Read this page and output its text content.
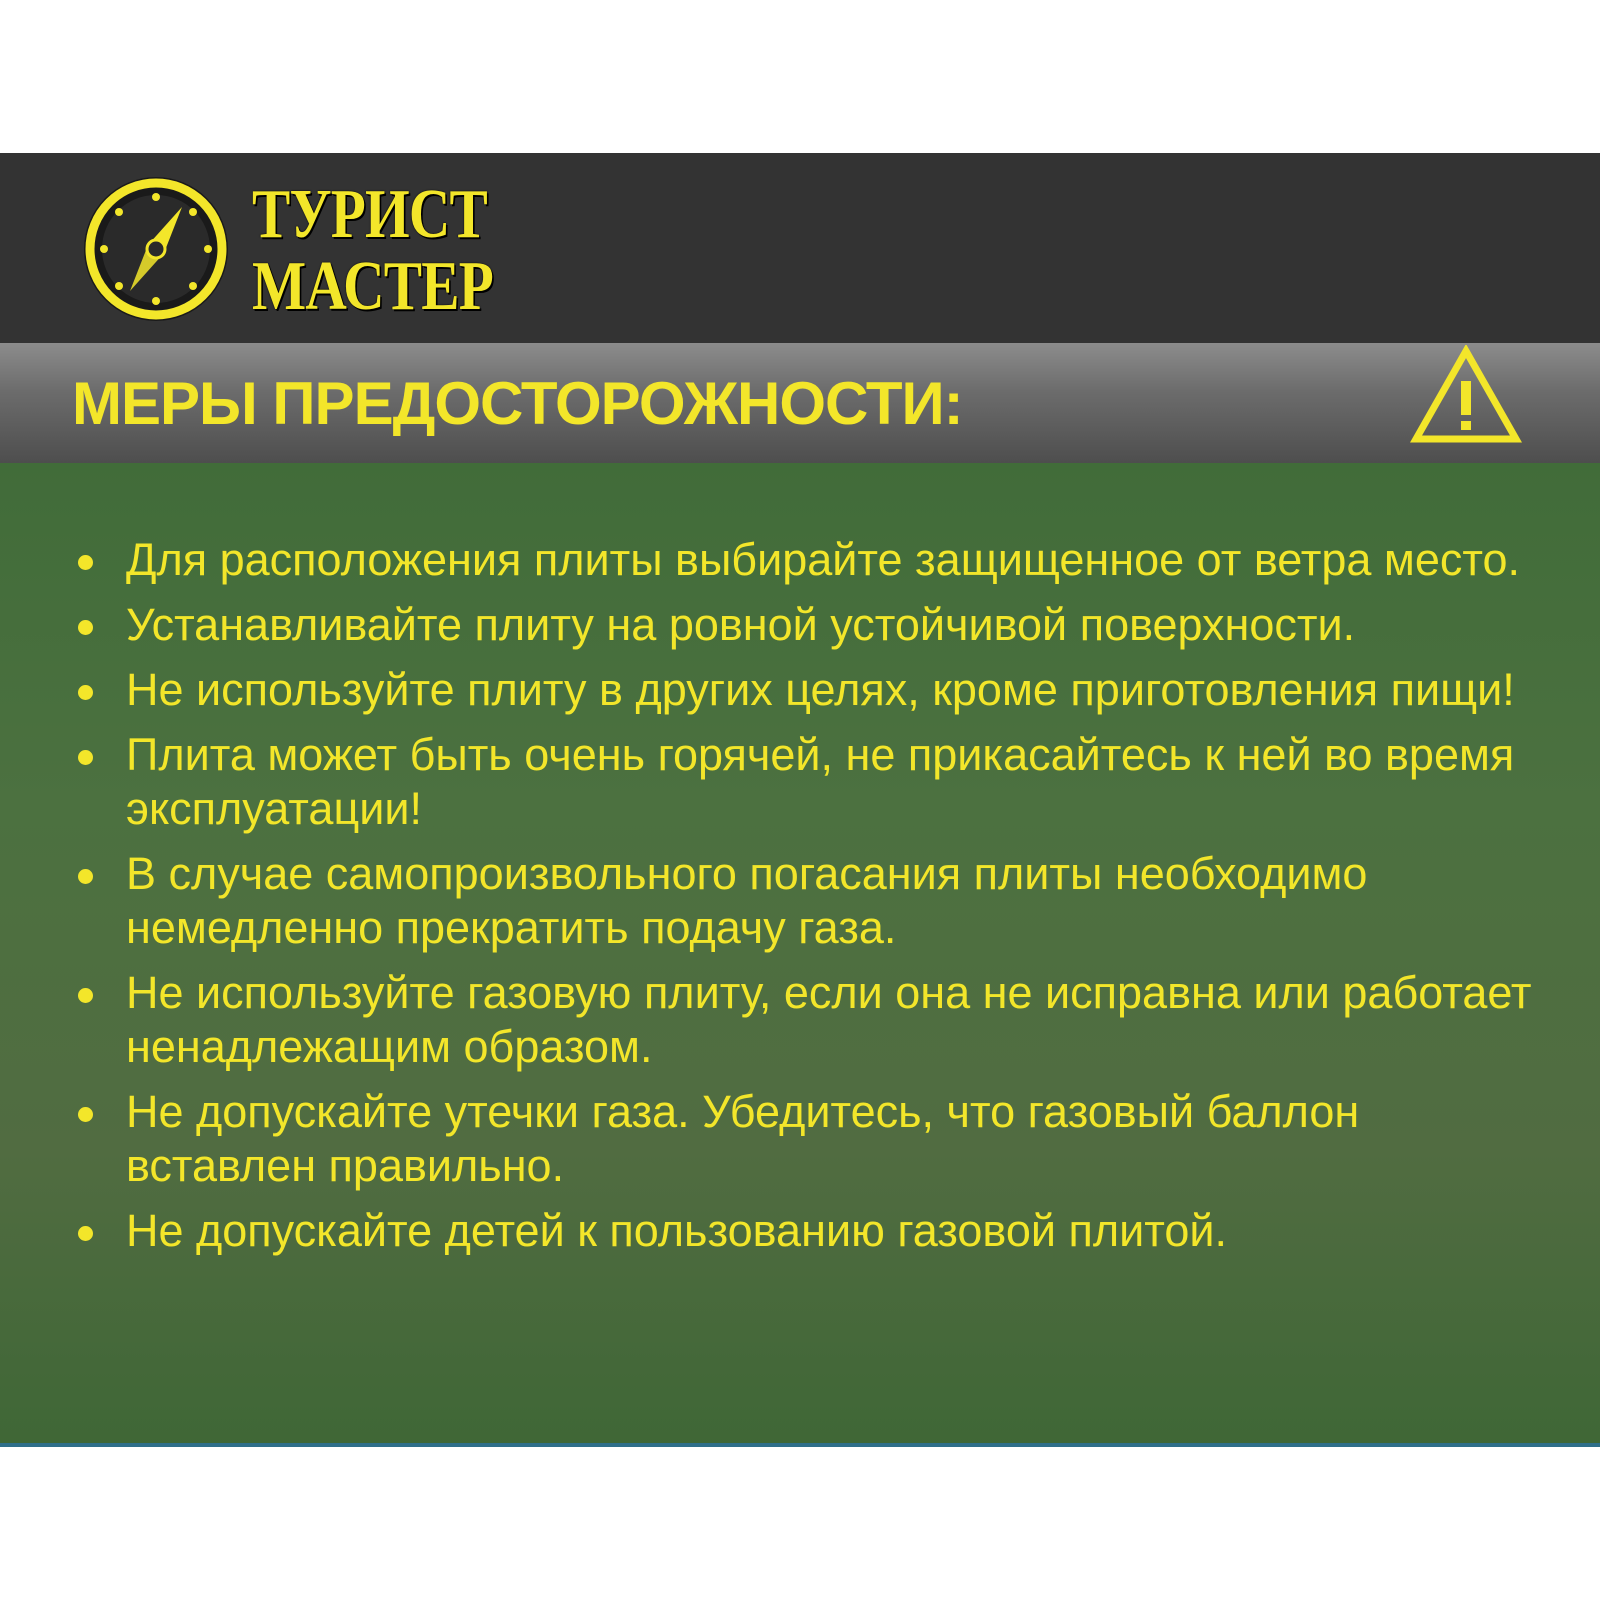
ТУРИСТ
МАСТЕР
МЕРЫ ПРЕДОСТОРОЖНОСТИ:
Для расположения плиты выбирайте защищенное от ветра место.
Устанавливайте плиту на ровной устойчивой поверхности.
Не используйте плиту в других целях, кроме приготовления пищи!
Плита может быть очень горячей, не прикасайтесь к ней во время эксплуатации!
В случае самопроизвольного погасания плиты необходимо немедленно прекратить подачу газа.
Не используйте газовую плиту, если она не исправна или работает ненадлежащим образом.
Не допускайте утечки газа. Убедитесь, что газовый баллон вставлен правильно.
Не допускайте детей к пользованию газовой плитой.
